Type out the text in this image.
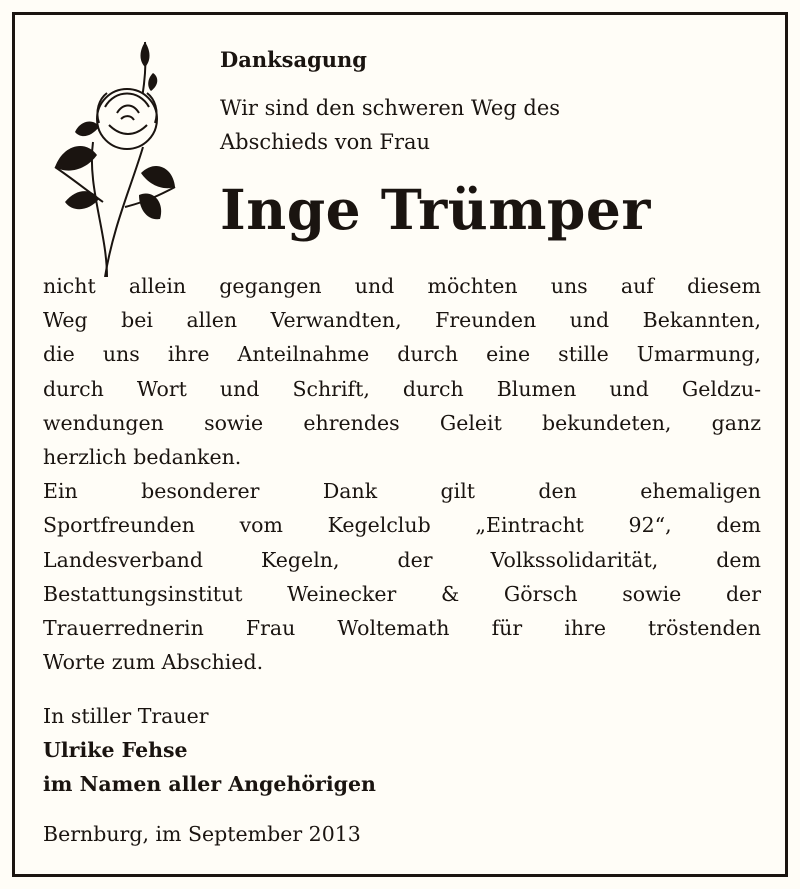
Danksagung
Wir sind den schweren Weg des
Abschieds von Frau
Inge Trümper
nicht allein gegangen und möchten uns auf diesem
Weg bei allen Verwandten, Freunden und Bekannten,
die uns ihre Anteilnahme durch eine stille Umarmung,
durch Wort und Schrift, durch Blumen und Geldzu-
wendungen sowie ehrendes Geleit bekundeten, ganz
herzlich bedanken.
Ein besonderer Dank gilt den ehemaligen
Sportfreunden vom Kegelclub „Eintracht 92“, dem
Landesverband Kegeln, der Volkssolidarität, dem
Bestattungsinstitut Weinecker & Görsch sowie der
Trauerrednerin Frau Woltemath für ihre tröstenden
Worte zum Abschied.
In stiller Trauer
Ulrike Fehse
im Namen aller Angehörigen
Bernburg, im September 2013
